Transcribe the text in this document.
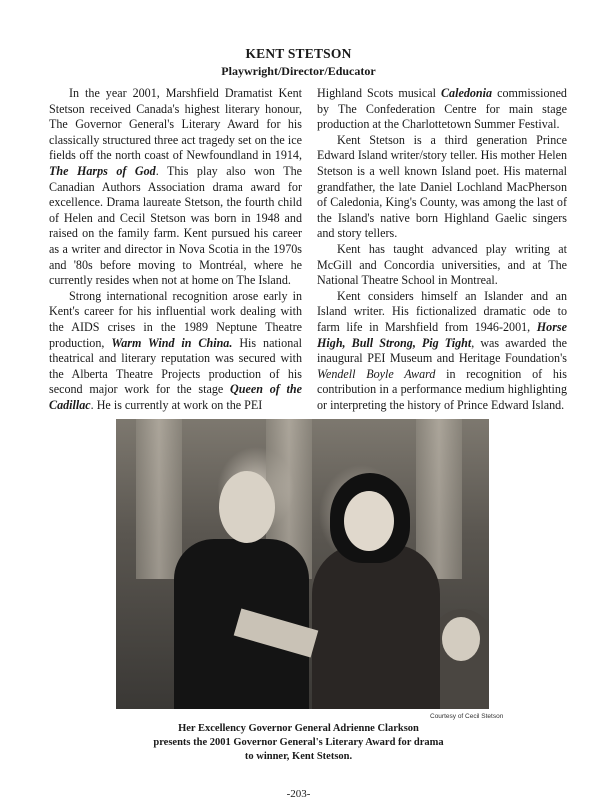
KENT STETSON
Playwright/Director/Educator

In the year 2001, Marshfield Dramatist Kent Stetson received Canada's highest literary honour, The Governor General's Literary Award for his classically structured three act tragedy set on the ice fields off the north coast of Newfoundland in 1914, The Harps of God. This play also won The Canadian Authors Association drama award for excellence. Drama laureate Stetson, the fourth child of Helen and Cecil Stetson was born in 1948 and raised on the family farm. Kent pursued his career as a writer and director in Nova Scotia in the 1970s and '80s before moving to Montréal, where he currently resides when not at home on The Island.

Strong international recognition arose early in Kent's career for his influential work dealing with the AIDS crises in the 1989 Neptune Theatre production, Warm Wind in China. His national theatrical and literary reputation was secured with the Alberta Theatre Projects production of his second major work for the stage Queen of the Cadillac. He is currently at work on the PEI

Highland Scots musical Caledonia commissioned by The Confederation Centre for main stage production at the Charlottetown Summer Festival.

Kent Stetson is a third generation Prince Edward Island writer/story teller. His mother Helen Stetson is a well known Island poet. His maternal grandfather, the late Daniel Lochland MacPherson of Caledonia, King's County, was among the last of the Island's native born Highland Gaelic singers and story tellers.

Kent has taught advanced play writing at McGill and Concordia universities, and at The National Theatre School in Montreal.

Kent considers himself an Islander and an Island writer. His fictionalized dramatic ode to farm life in Marshfield from 1946-2001, Horse High, Bull Strong, Pig Tight, was awarded the inaugural PEI Museum and Heritage Foundation's Wendell Boyle Award in recognition of his contribution in a performance medium highlighting or interpreting the history of Prince Edward Island.

Courtesy of Cecil Stetson
Her Excellency Governor General Adrienne Clarkson
presents the 2001 Governor General's Literary Award for drama
to winner, Kent Stetson.
-203-
